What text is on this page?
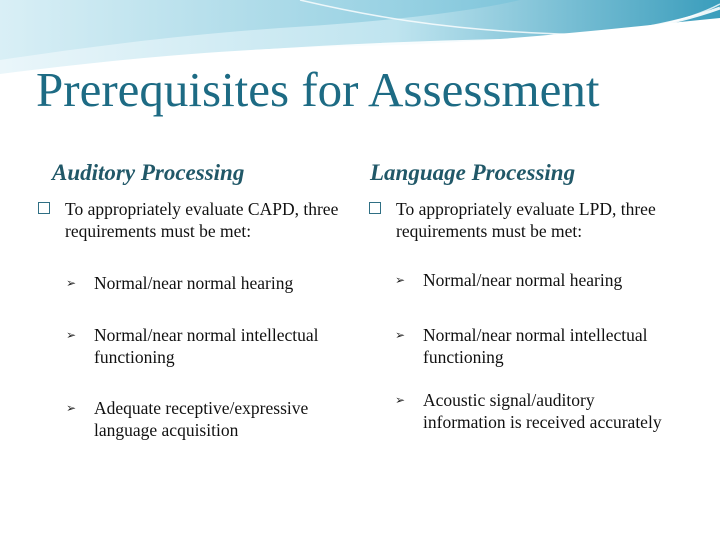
Prerequisites for Assessment
Auditory Processing
To appropriately evaluate CAPD, three requirements must be met:
➢	Normal/near normal hearing
➢	Normal/near normal intellectual functioning
➢	Adequate receptive/expressive language acquisition
Language Processing
To appropriately evaluate LPD, three requirements must be met:
➢	Normal/near normal hearing
➢	Normal/near normal intellectual functioning
➢	Acoustic signal/auditory information is received accurately
